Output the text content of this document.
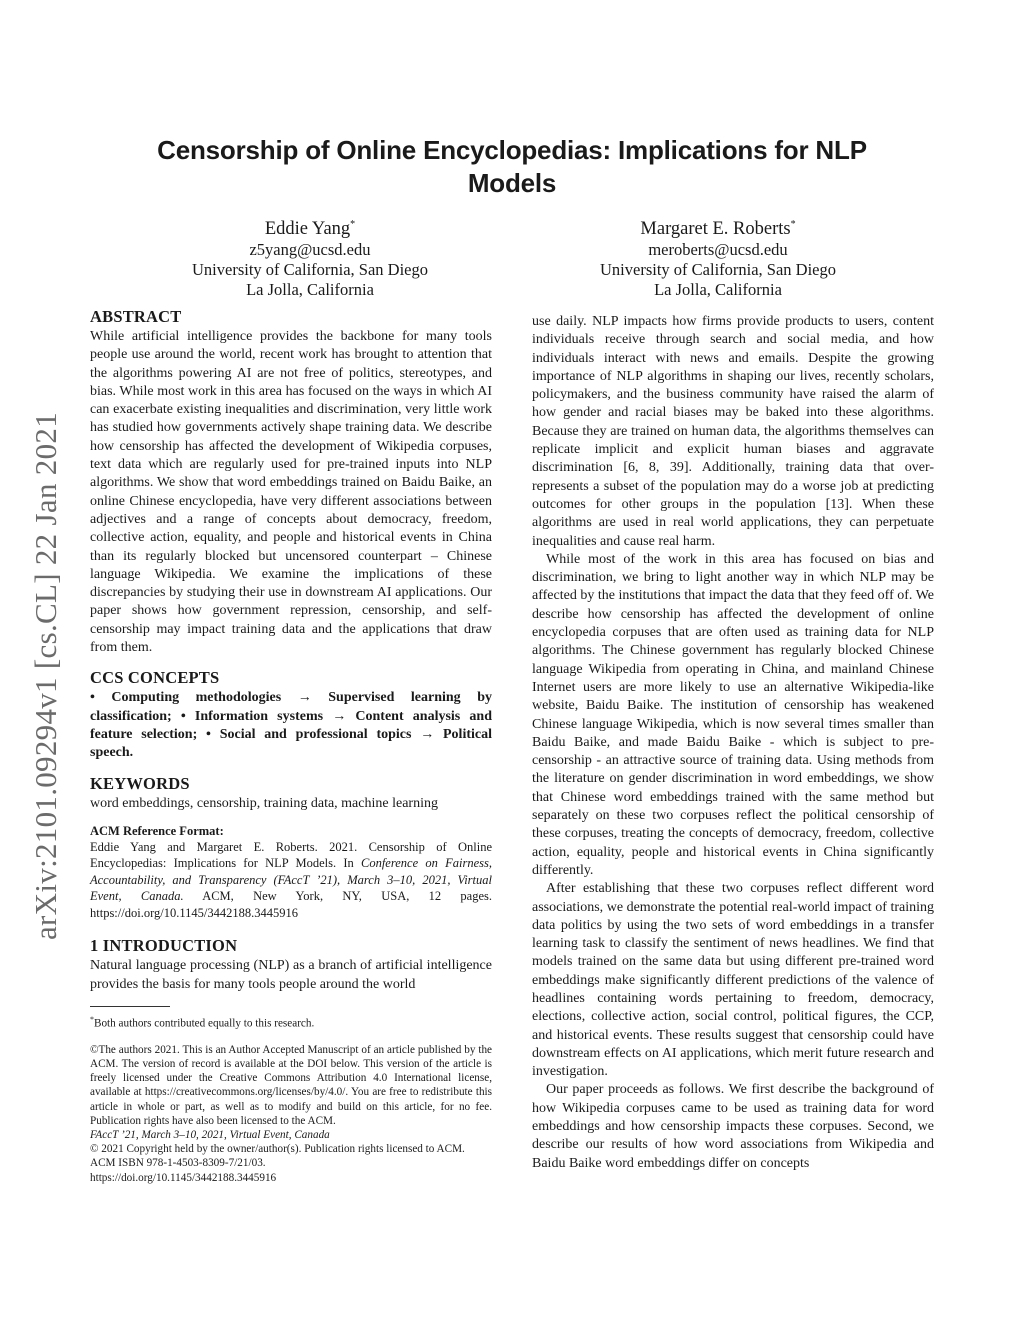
Censorship of Online Encyclopedias: Implications for NLP Models
Eddie Yang*
z5yang@ucsd.edu
University of California, San Diego
La Jolla, California
Margaret E. Roberts*
meroberts@ucsd.edu
University of California, San Diego
La Jolla, California
arXiv:2101.09294v1 [cs.CL] 22 Jan 2021
ABSTRACT

While artificial intelligence provides the backbone for many tools people use around the world, recent work has brought to attention that the algorithms powering AI are not free of politics, stereotypes, and bias. While most work in this area has focused on the ways in which AI can exacerbate existing inequalities and discrimination, very little work has studied how governments actively shape training data. We describe how censorship has affected the development of Wikipedia corpuses, text data which are regularly used for pre-trained inputs into NLP algorithms. We show that word embeddings trained on Baidu Baike, an online Chinese encyclopedia, have very different associations between adjectives and a range of concepts about democracy, freedom, collective action, equality, and people and historical events in China than its regularly blocked but uncensored counterpart – Chinese language Wikipedia. We examine the implications of these discrepancies by studying their use in downstream AI applications. Our paper shows how government repression, censorship, and self-censorship may impact training data and the applications that draw from them.

CCS CONCEPTS

• Computing methodologies → Supervised learning by classification; • Information systems → Content analysis and feature selection; • Social and professional topics → Political speech.

KEYWORDS

word embeddings, censorship, training data, machine learning

ACM Reference Format:
Eddie Yang and Margaret E. Roberts. 2021. Censorship of Online Encyclopedias: Implications for NLP Models. In Conference on Fairness, Accountability, and Transparency (FAccT ’21), March 3–10, 2021, Virtual Event, Canada. ACM, New York, NY, USA, 12 pages. https://doi.org/10.1145/3442188.3445916
1 INTRODUCTION

Natural language processing (NLP) as a branch of artificial intelligence provides the basis for many tools people around the world

*Both authors contributed equally to this research.

©The authors 2021. This is an Author Accepted Manuscript of an article published by the ACM. The version of record is available at the DOI below. This version of the article is freely licensed under the Creative Commons Attribution 4.0 International license, available at https://creativecommons.org/licenses/by/4.0/. You are free to redistribute this article in whole or part, as well as to modify and build on this article, for no fee. Publication rights have also been licensed to the ACM.

FAccT ’21, March 3–10, 2021, Virtual Event, Canada

© 2021 Copyright held by the owner/author(s). Publication rights licensed to ACM.

ACM ISBN 978-1-4503-8309-7/21/03.

https://doi.org/10.1145/3442188.3445916

use daily. NLP impacts how firms provide products to users, content individuals receive through search and social media, and how individuals interact with news and emails. Despite the growing importance of NLP algorithms in shaping our lives, recently scholars, policymakers, and the business community have raised the alarm of how gender and racial biases may be baked into these algorithms. Because they are trained on human data, the algorithms themselves can replicate implicit and explicit human biases and aggravate discrimination [6, 8, 39]. Additionally, training data that over-represents a subset of the population may do a worse job at predicting outcomes for other groups in the population [13]. When these algorithms are used in real world applications, they can perpetuate inequalities and cause real harm.

While most of the work in this area has focused on bias and discrimination, we bring to light another way in which NLP may be affected by the institutions that impact the data that they feed off of. We describe how censorship has affected the development of online encyclopedia corpuses that are often used as training data for NLP algorithms. The Chinese government has regularly blocked Chinese language Wikipedia from operating in China, and mainland Chinese Internet users are more likely to use an alternative Wikipedia-like website, Baidu Baike. The institution of censorship has weakened Chinese language Wikipedia, which is now several times smaller than Baidu Baike, and made Baidu Baike - which is subject to pre-censorship - an attractive source of training data. Using methods from the literature on gender discrimination in word embeddings, we show that Chinese word embeddings trained with the same method but separately on these two corpuses reflect the political censorship of these corpuses, treating the concepts of democracy, freedom, collective action, equality, people and historical events in China significantly differently.

After establishing that these two corpuses reflect different word associations, we demonstrate the potential real-world impact of training data politics by using the two sets of word embeddings in a transfer learning task to classify the sentiment of news headlines. We find that models trained on the same data but using different pre-trained word embeddings make significantly different predictions of the valence of headlines containing words pertaining to freedom, democracy, elections, collective action, social control, political figures, the CCP, and historical events. These results suggest that censorship could have downstream effects on AI applications, which merit future research and investigation.

Our paper proceeds as follows. We first describe the background of how Wikipedia corpuses came to be used as training data for word embeddings and how censorship impacts these corpuses. Second, we describe our results of how word associations from Wikipedia and Baidu Baike word embeddings differ on concepts
